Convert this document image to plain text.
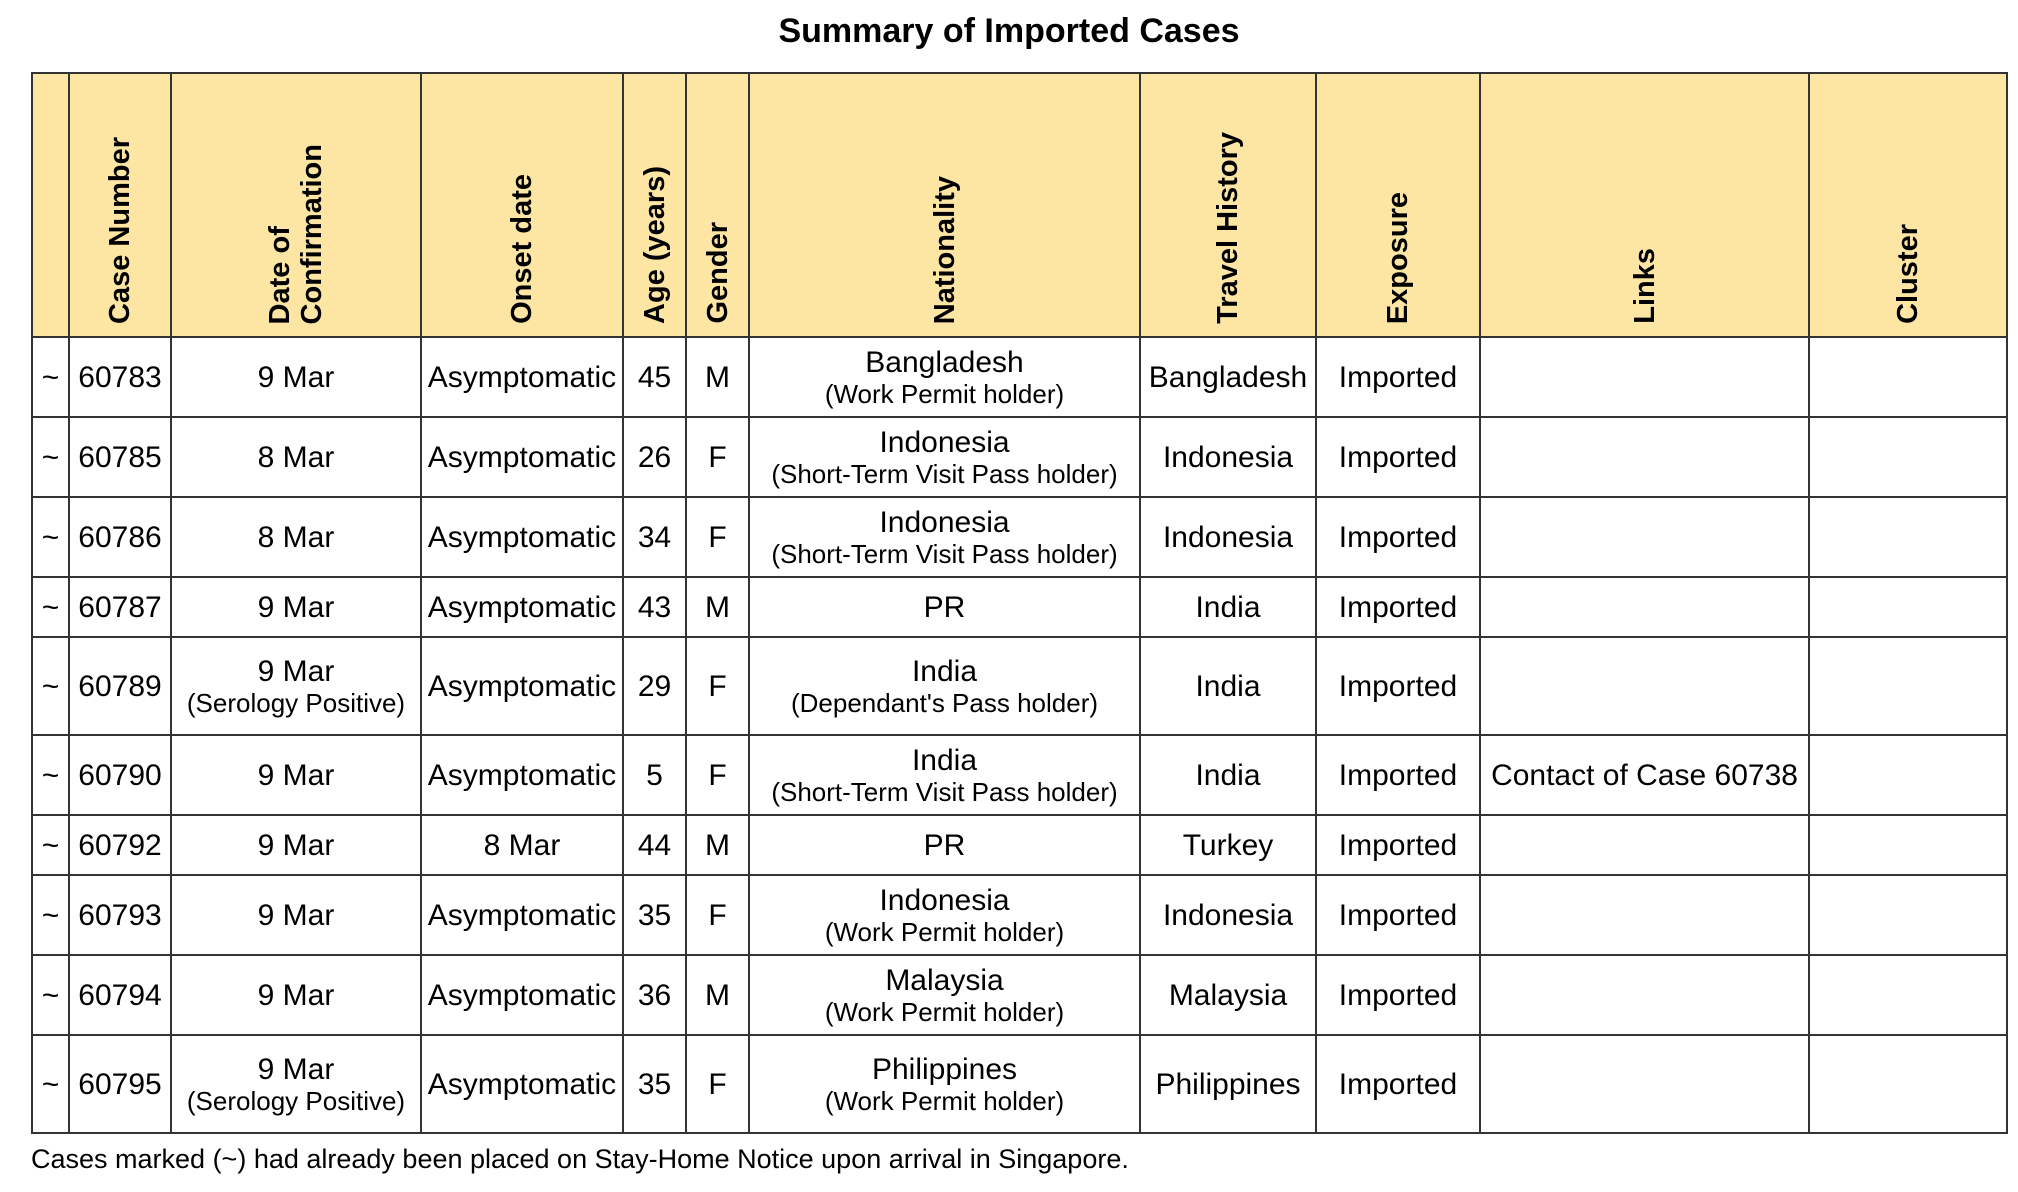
Summary of Imported Cases

	Case Number	Date of
Confirmation	Onset date	Age (years)	Gender	Nationality	Travel History	Exposure	Links	Cluster

~	60783	9 Mar	Asymptomatic	45	M	Bangladesh
(Work Permit holder)	Bangladesh	Imported		
~	60785	8 Mar	Asymptomatic	26	F	Indonesia
(Short-Term Visit Pass holder)	Indonesia	Imported		
~	60786	8 Mar	Asymptomatic	34	F	Indonesia
(Short-Term Visit Pass holder)	Indonesia	Imported		
~	60787	9 Mar	Asymptomatic	43	M	PR	India	Imported		
~	60789	9 Mar
(Serology Positive)	Asymptomatic	29	F	India
(Dependant's Pass holder)	India	Imported		
~	60790	9 Mar	Asymptomatic	5	F	India
(Short-Term Visit Pass holder)	India	Imported	Contact of Case 60738	
~	60792	9 Mar	8 Mar	44	M	PR	Turkey	Imported		
~	60793	9 Mar	Asymptomatic	35	F	Indonesia
(Work Permit holder)	Indonesia	Imported		
~	60794	9 Mar	Asymptomatic	36	M	Malaysia
(Work Permit holder)	Malaysia	Imported		
~	60795	9 Mar
(Serology Positive)	Asymptomatic	35	F	Philippines
(Work Permit holder)	Philippines	Imported		
Cases marked (~) had already been placed on Stay-Home Notice upon arrival in Singapore.
